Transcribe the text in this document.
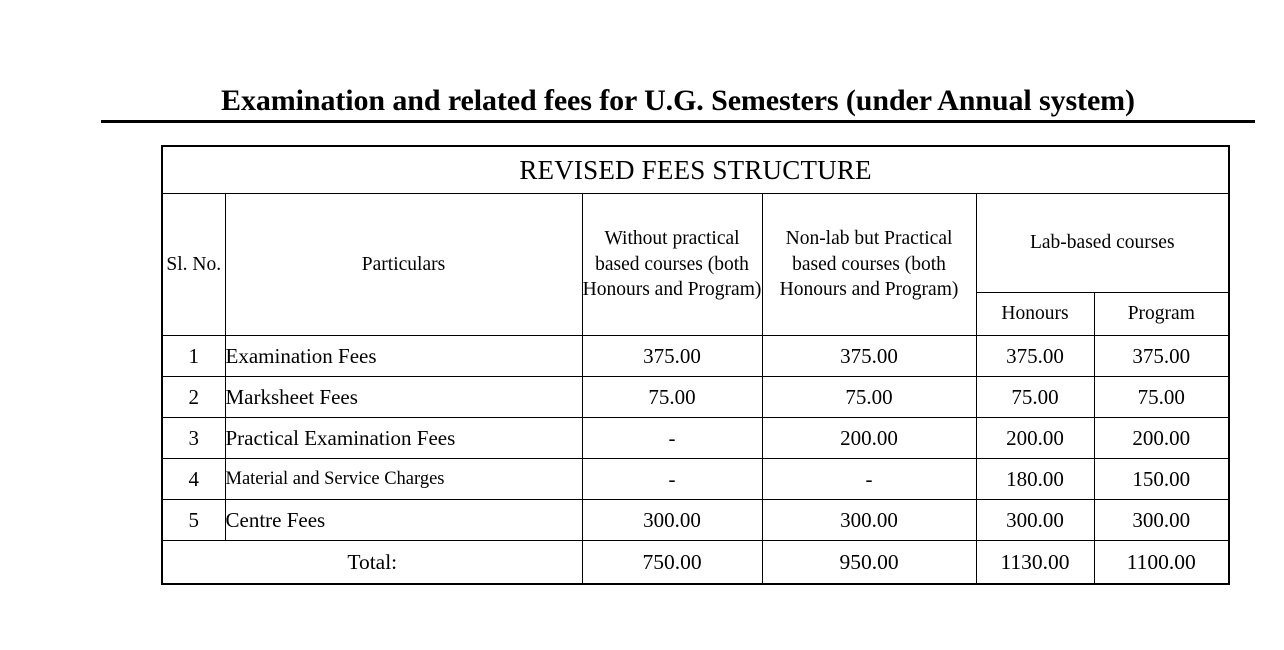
Examination and related fees for U.G. Semesters (under Annual system)
REVISED FEES STRUCTURE					
Sl. No.	Particulars	Without practical based courses (both Honours and Program)	Non-lab but Practical based courses (both Honours and Program)	Lab-based courses	
				Honours	Program
1	Examination Fees	375.00	375.00	375.00	375.00
2	Marksheet Fees	75.00	75.00	75.00	75.00
3	Practical Examination Fees	-	200.00	200.00	200.00
4	Material and Service Charges	-	-	180.00	150.00
5	Centre Fees	300.00	300.00	300.00	300.00
Total:		750.00	950.00	1130.00	1100.00
